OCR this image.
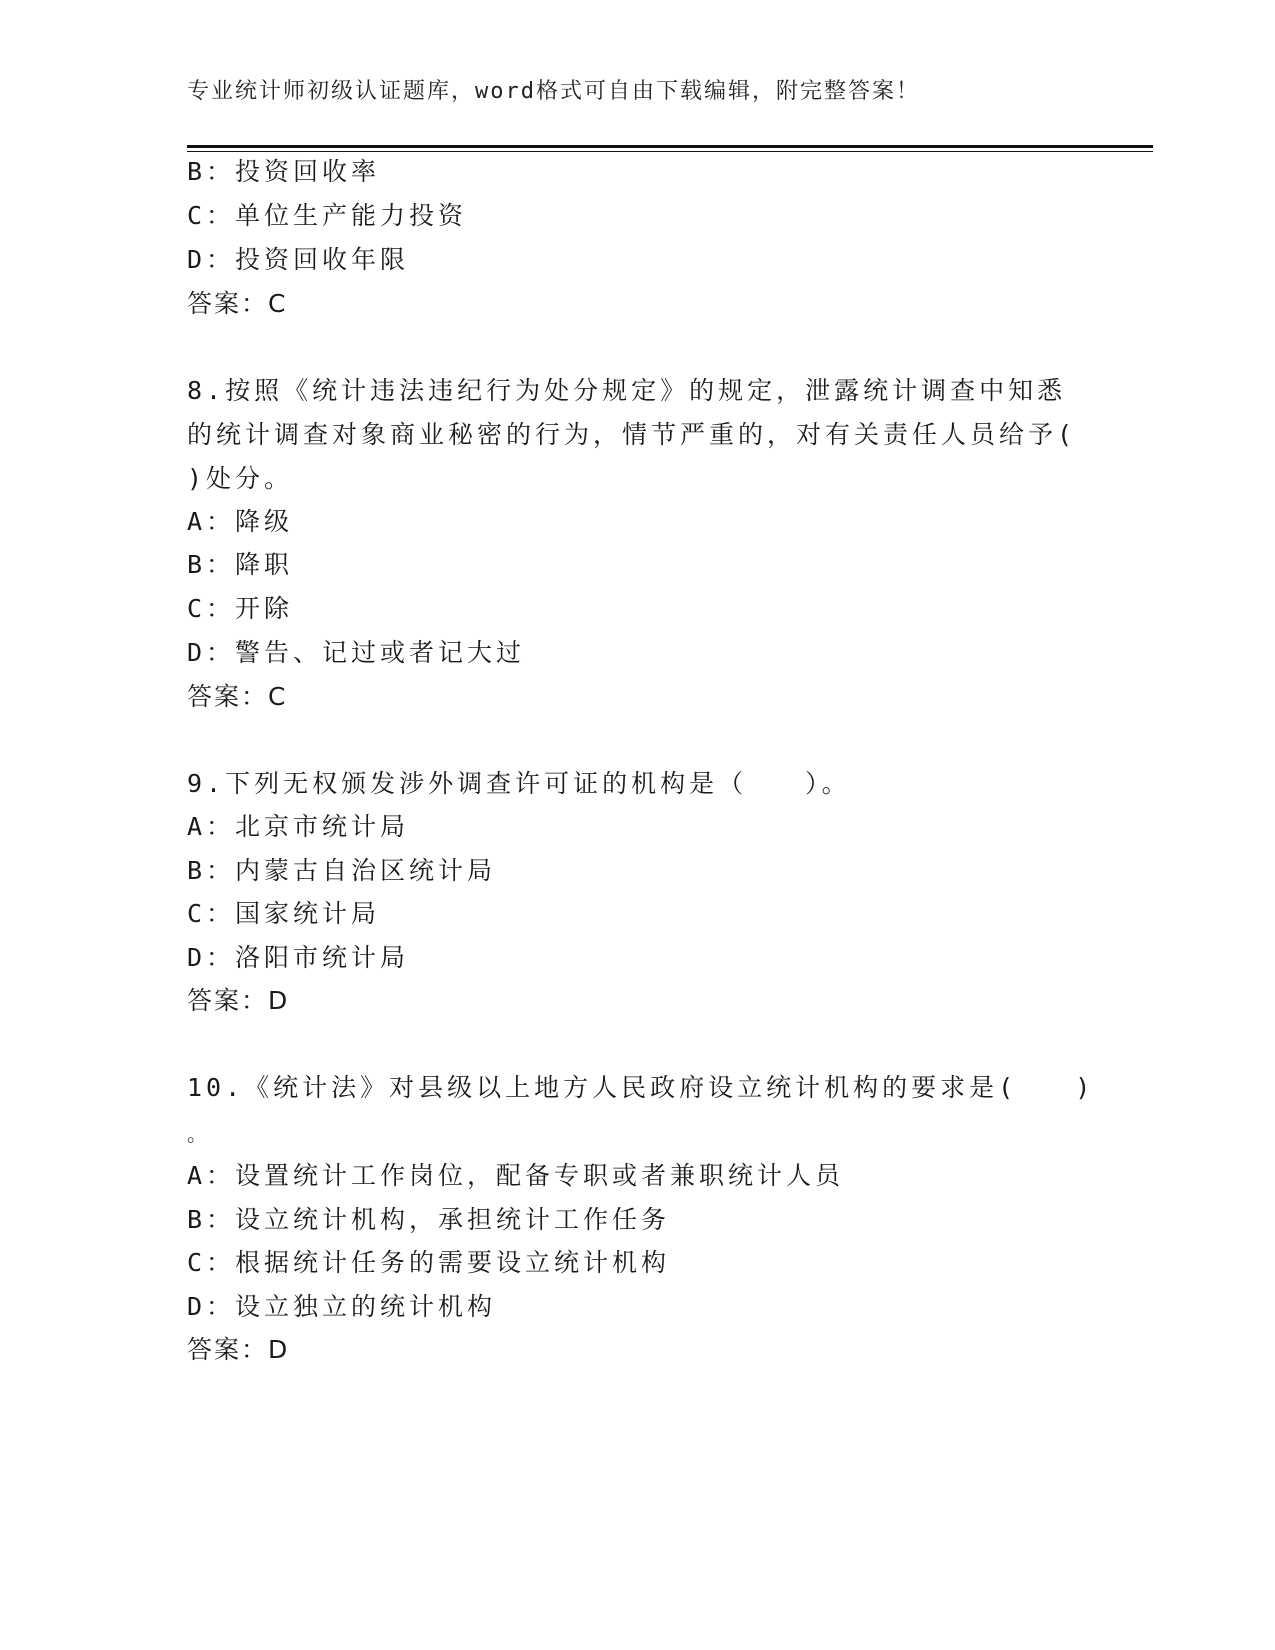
专业统计师初级认证题库，word格式可自由下载编辑，附完整答案！
B：投资回收率
C：单位生产能力投资
D：投资回收年限
答案：C
8.按照《统计违法违纪行为处分规定》的规定，泄露统计调查中知悉
的统计调查对象商业秘密的行为，情节严重的，对有关责任人员给予(
)处分。
A：降级
B：降职
C：开除
D：警告、记过或者记大过
答案：C
9.下列无权颁发涉外调查许可证的机构是（　　）。
A：北京市统计局
B：内蒙古自治区统计局
C：国家统计局
D：洛阳市统计局
答案：D
10.《统计法》对县级以上地方人民政府设立统计机构的要求是(　　)
。
A：设置统计工作岗位，配备专职或者兼职统计人员
B：设立统计机构，承担统计工作任务
C：根据统计任务的需要设立统计机构
D：设立独立的统计机构
答案：D
